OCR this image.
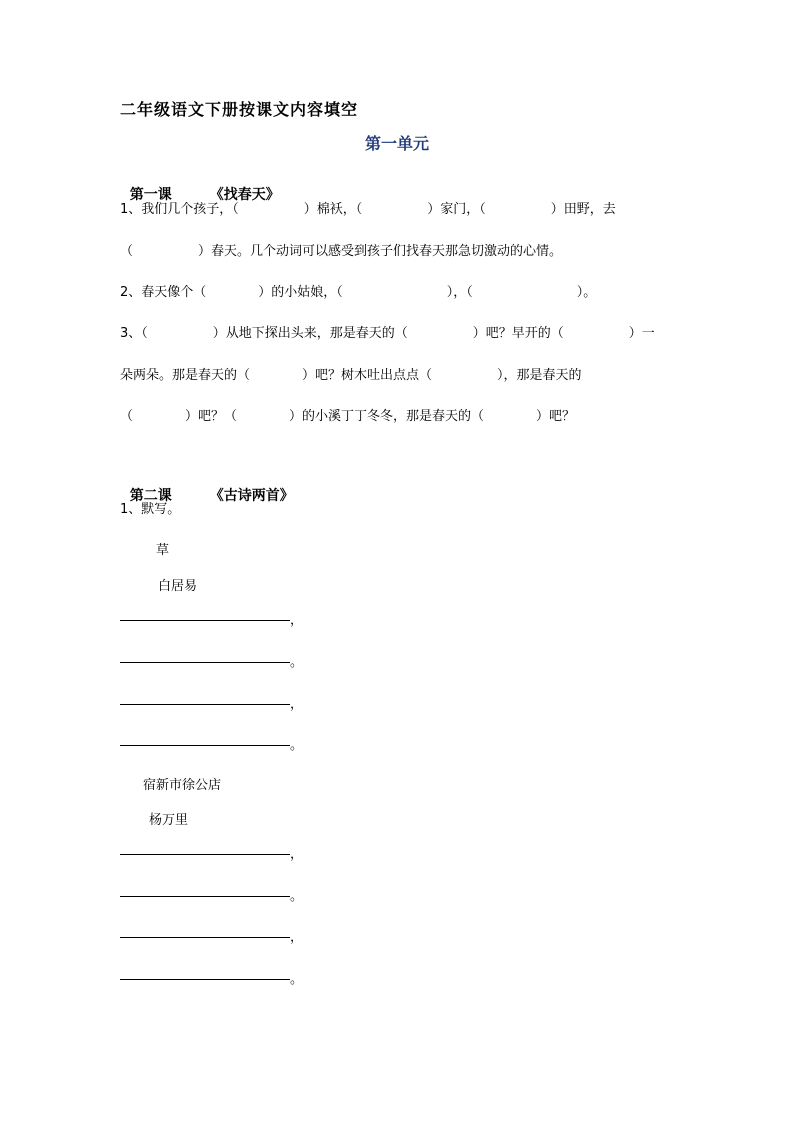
二年级语文下册按课文内容填空
第一单元

第一课	《找春天》

1、我们几个孩子，（　　　　　）棉袄，（　　　　　）家门，（　　　　　）田野，去
（　　　　　）春天。几个动词可以感受到孩子们找春天那急切激动的心情。
2、春天像个（　　　　）的小姑娘，（　　　　　　　　），（　　　　　　　　）。
3、（　　　　　）从地下探出头来，那是春天的（　　　　　）吧？早开的（　　　　　）一
朵两朵。那是春天的（　　　　）吧？树木吐出点点（　　　　　），那是春天的
（　　　　）吧？（　　　　）的小溪丁丁冬冬，那是春天的（　　　　）吧？

第二课	《古诗两首》

1、默写。
草
白居易
，
。
，
。
宿新市徐公店
杨万里
，
。
，
。
